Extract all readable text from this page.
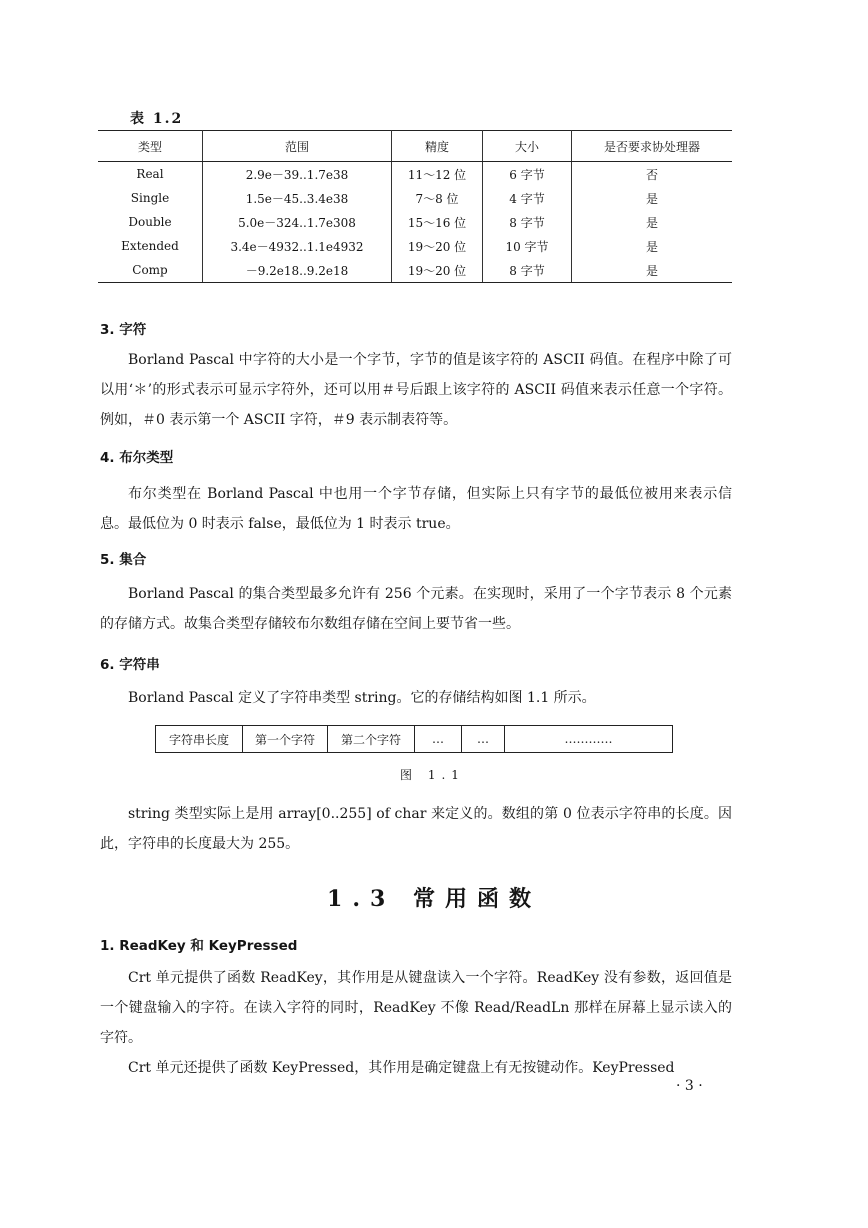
表 1.2
类型	范围	精度	大小	是否要求协处理器
Real	2.9e－39..1.7e38	11～12 位	6 字节	否
Single	1.5e－45..3.4e38	7～8 位	4 字节	是
Double	5.0e－324..1.7e308	15～16 位	8 字节	是
Extended	3.4e－4932..1.1e4932	19～20 位	10 字节	是
Comp	－9.2e18..9.2e18	19～20 位	8 字节	是
3. 字符

Borland Pascal 中字符的大小是一个字节，字节的值是该字符的 ASCII 码值。在程序中除了可以用‘＊’的形式表示可显示字符外，还可以用＃号后跟上该字符的 ASCII 码值来表示任意一个字符。例如，＃0 表示第一个 ASCII 字符，＃9 表示制表符等。

4. 布尔类型

布尔类型在 Borland Pascal 中也用一个字节存储，但实际上只有字节的最低位被用来表示信息。最低位为 0 时表示 false，最低位为 1 时表示 true。

5. 集合

Borland Pascal 的集合类型最多允许有 256 个元素。在实现时，采用了一个字节表示 8 个元素的存储方式。故集合类型存储较布尔数组存储在空间上要节省一些。

6. 字符串

Borland Pascal 定义了字符串类型 string。它的存储结构如图 1.1 所示。

字符串长度	第一个字符	第二个字符	…	…	…………
图 1.1

string 类型实际上是用 array[0..255] of char 来定义的。数组的第 0 位表示字符串的长度。因此，字符串的长度最大为 255。

1.3 常用函数
1. ReadKey 和 KeyPressed

Crt 单元提供了函数 ReadKey，其作用是从键盘读入一个字符。ReadKey 没有参数，返回值是一个键盘输入的字符。在读入字符的同时，ReadKey 不像 Read/ReadLn 那样在屏幕上显示读入的字符。

Crt 单元还提供了函数 KeyPressed，其作用是确定键盘上有无按键动作。KeyPressed

· 3 ·
